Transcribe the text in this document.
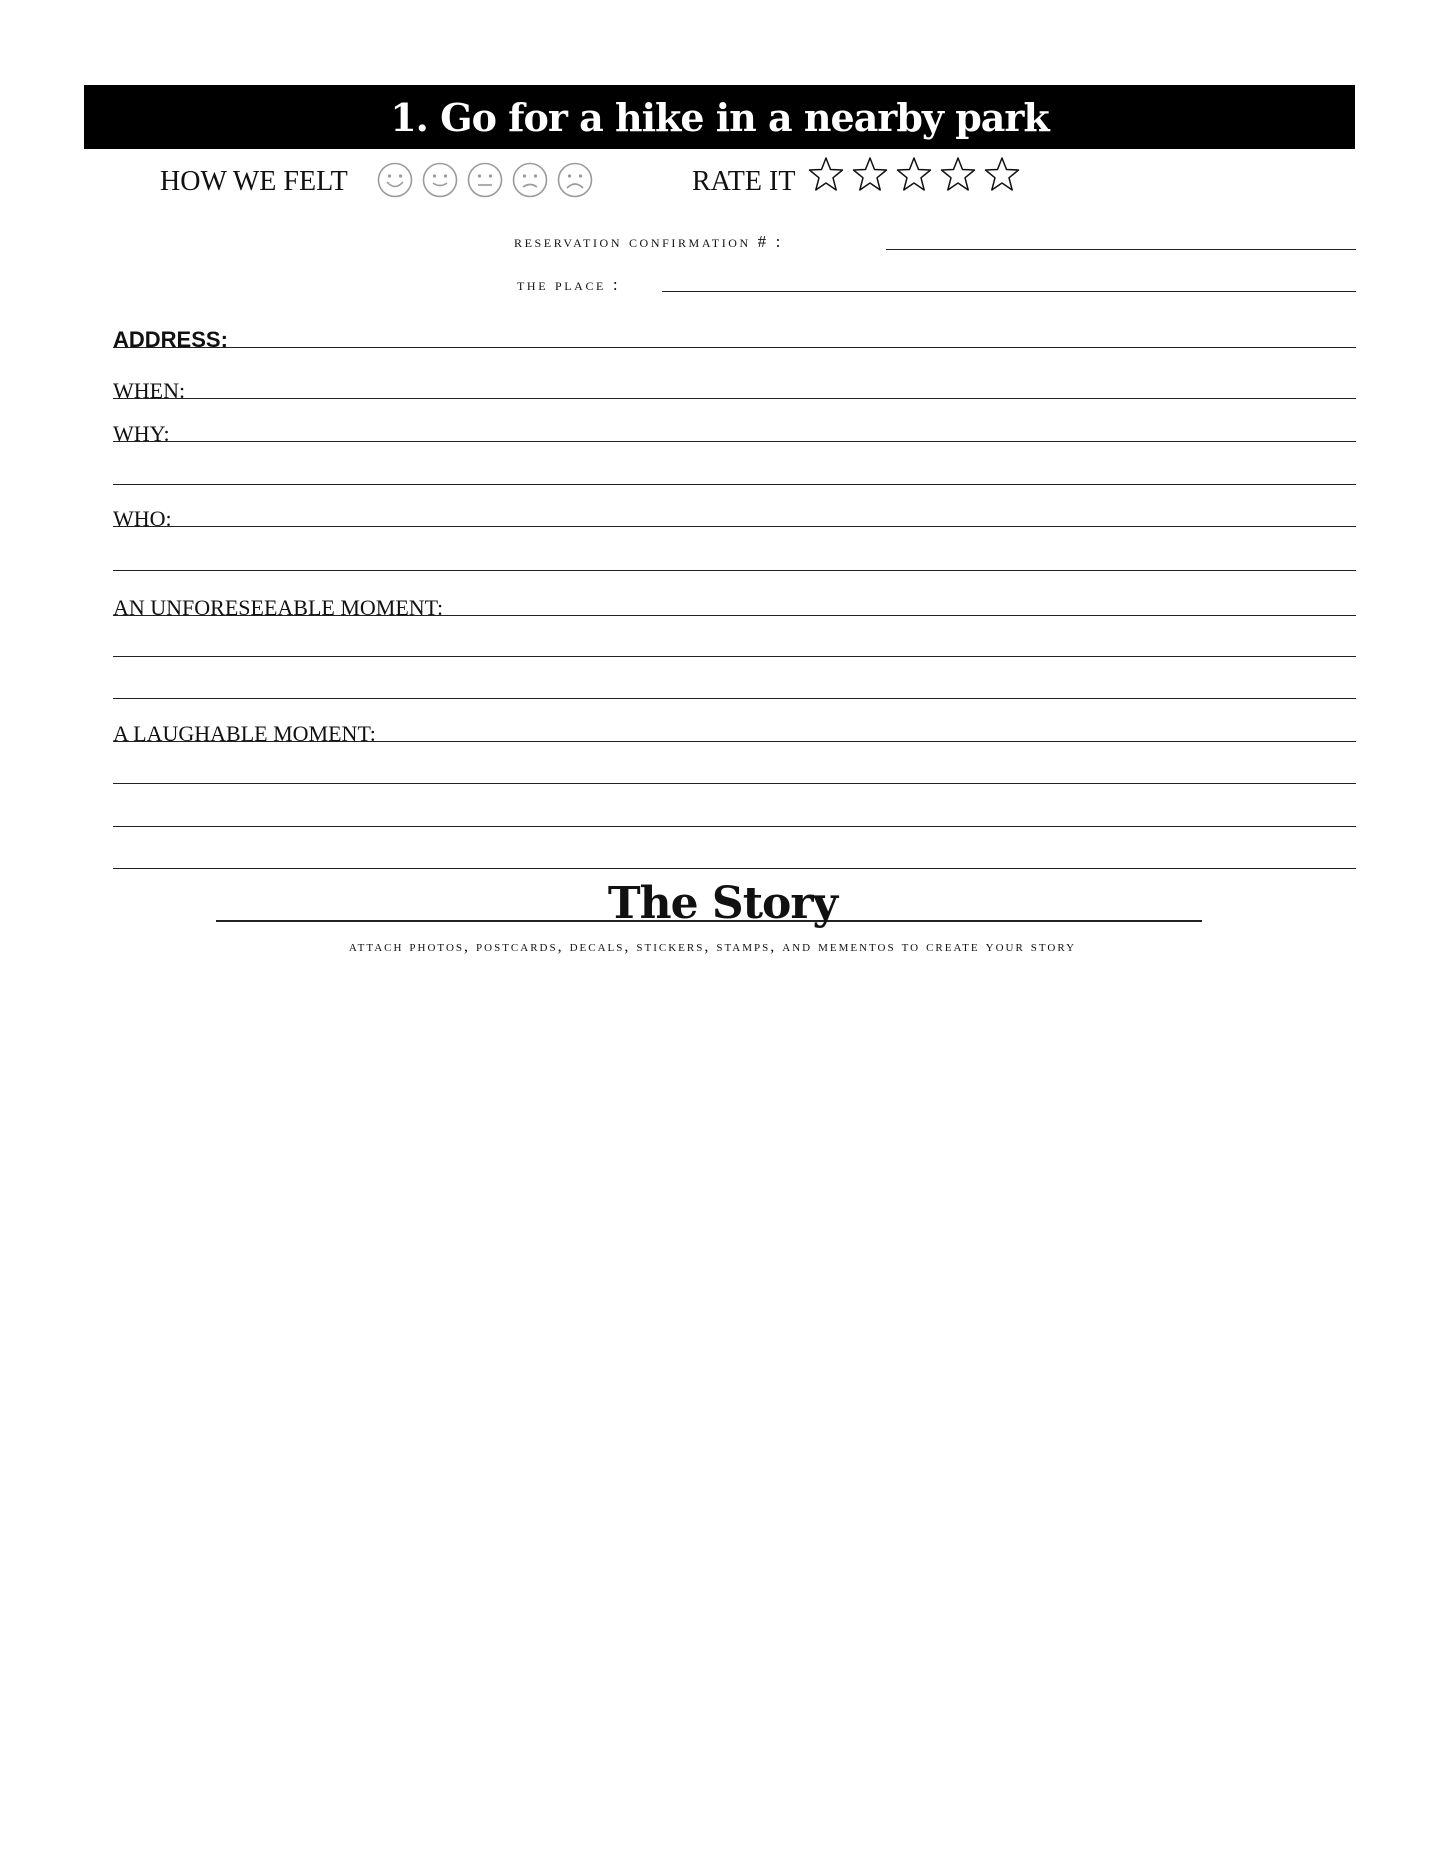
1. Go for a hike in a nearby park
HOW WE FELT	RATE IT
reservation confirmation # :
the place :
ADDRESS:
WHEN:
WHY:
WHO:
AN UNFORESEEABLE MOMENT:
A LAUGHABLE MOMENT:
The Story
attach photos, postcards, decals, stickers, stamps, and mementos to create your story
